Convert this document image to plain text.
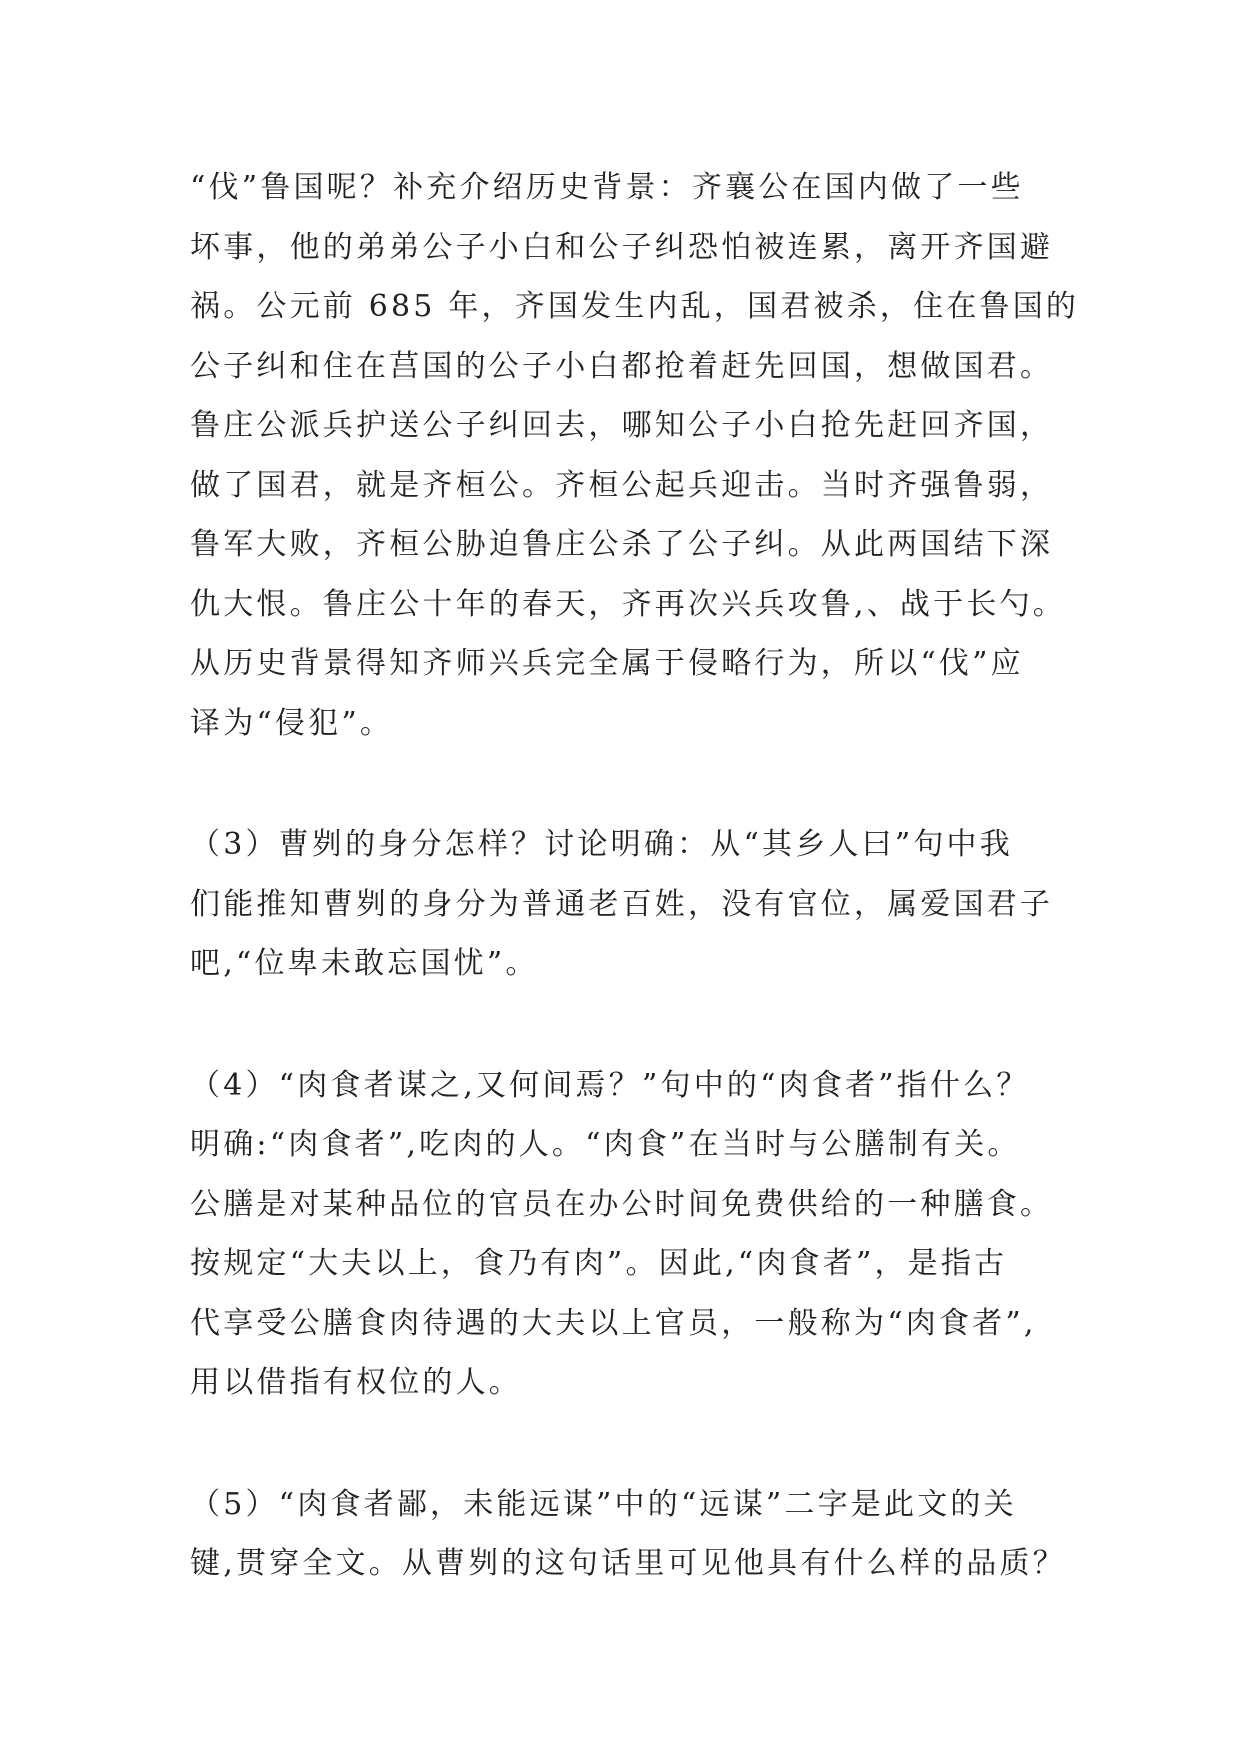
“伐”鲁国呢？补充介绍历史背景：齐襄公在国内做了一些
坏事，他的弟弟公子小白和公子纠恐怕被连累，离开齐国避
祸。公元前 685 年，齐国发生内乱，国君被杀，住在鲁国的
公子纠和住在莒国的公子小白都抢着赶先回国，想做国君。
鲁庄公派兵护送公子纠回去，哪知公子小白抢先赶回齐国，
做了国君，就是齐桓公。齐桓公起兵迎击。当时齐强鲁弱，
鲁军大败，齐桓公胁迫鲁庄公杀了公子纠。从此两国结下深
仇大恨。鲁庄公十年的春天，齐再次兴兵攻鲁,、战于长勺。
从历史背景得知齐师兴兵完全属于侵略行为，所以“伐”应
译为“侵犯”。
（3）曹刿的身分怎样？讨论明确：从“其乡人曰”句中我
们能推知曹刿的身分为普通老百姓，没有官位，属爱国君子
吧,“位卑未敢忘国忧”。
（4）“肉食者谋之,又何间焉？”句中的“肉食者”指什么？
明确:“肉食者”,吃肉的人。“肉食”在当时与公膳制有关。
公膳是对某种品位的官员在办公时间免费供给的一种膳食。
按规定“大夫以上，食乃有肉”。因此,“肉食者”，是指古
代享受公膳食肉待遇的大夫以上官员，一般称为“肉食者”,
用以借指有权位的人。
（5）“肉食者鄙，未能远谋”中的“远谋”二字是此文的关
键,贯穿全文。从曹刿的这句话里可见他具有什么样的品质？
